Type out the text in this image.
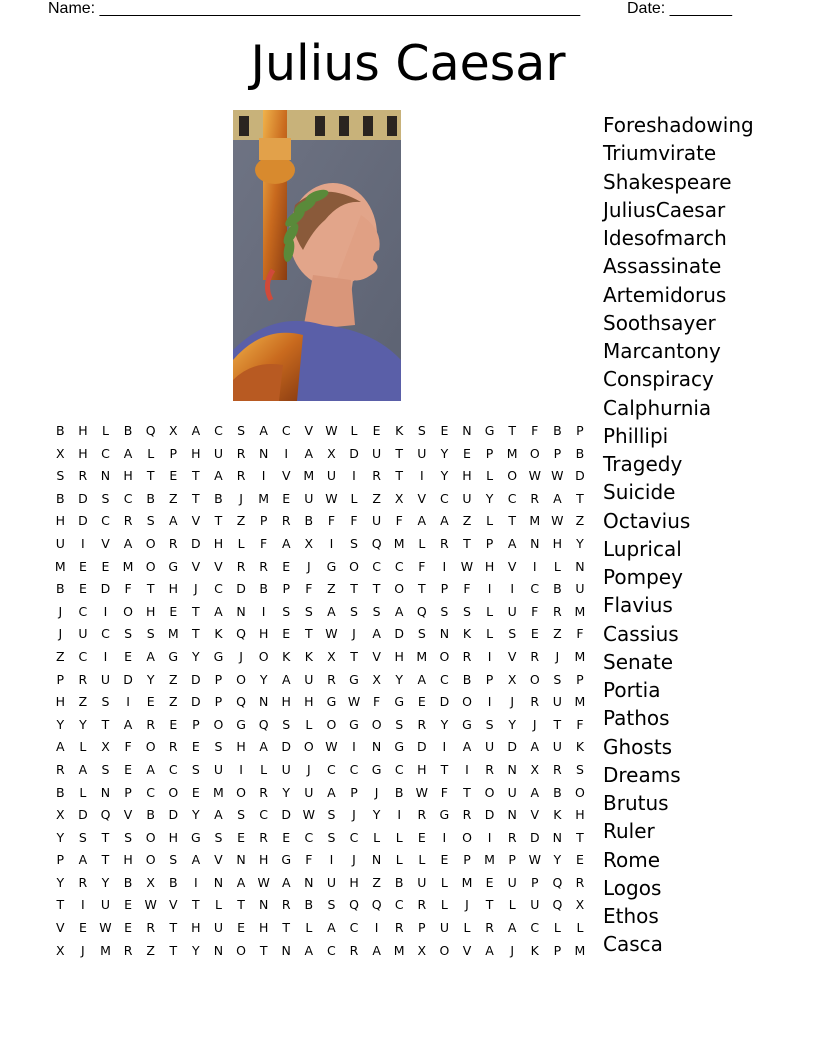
Name: ______________________________________________________	Date: _______
Julius Caesar
B H L B Q X A C S A C V W L E K S E N G T F B P
X H C A L P H U R N I A X D U T U Y E P M O P B
S R N H T E T A R I V M U I R T I Y H L O W W D
B D S C B Z T B J M E U W L Z X V C U Y C R A T
H D C R S A V T Z P R B F F U F A A Z L T M W Z
U I V A O R D H L F A X I S Q M L R T P A N H Y
M E E M O G V V R R E J G O C C F I W H V I L N
B E D F T H J C D B P F Z T T O T P F I I C B U
J C I O H E T A N I S S A S S A Q S S L U F R M
J U C S S M T K Q H E T W J A D S N K L S E Z F
Z C I E A G Y G J O K K X T V H M O R I V R J M
P R U D Y Z D P O Y A U R G X Y A C B P X O S P
H Z S I E Z D P Q N H H G W F G E D O I J R U M
Y Y T A R E P O G Q S L O G O S R Y G S Y J T F
A L X F O R E S H A D O W I N G D I A U D A U K
R A S E A C S U I L U J C C G C H T I R N X R S
B L N P C O E M O R Y U A P J B W F T O U A B O
X D Q V B D Y A S C D W S J Y I R G R D N V K H
Y S T S O H G S E R E C S C L L E I O I R D N T
P A T H O S A V N H G F I J N L L E P M P W Y E
Y R Y B X B I N A W A N U H Z B U L M E U P Q R
T I U E W V T L T N R B S Q Q C R L J T L U Q X
V E W E R T H U E H T L A C I R P U L R A C L L
X J M R Z T Y N O T N A C R A M X O V A J K P M
Foreshadowing
Triumvirate
Shakespeare
JuliusCaesar
Idesofmarch
Assassinate
Artemidorus
Soothsayer
Marcantony
Conspiracy
Calphurnia
Phillipi
Tragedy
Suicide
Octavius
Luprical
Pompey
Flavius
Cassius
Senate
Portia
Pathos
Ghosts
Dreams
Brutus
Ruler
Rome
Logos
Ethos
Casca
